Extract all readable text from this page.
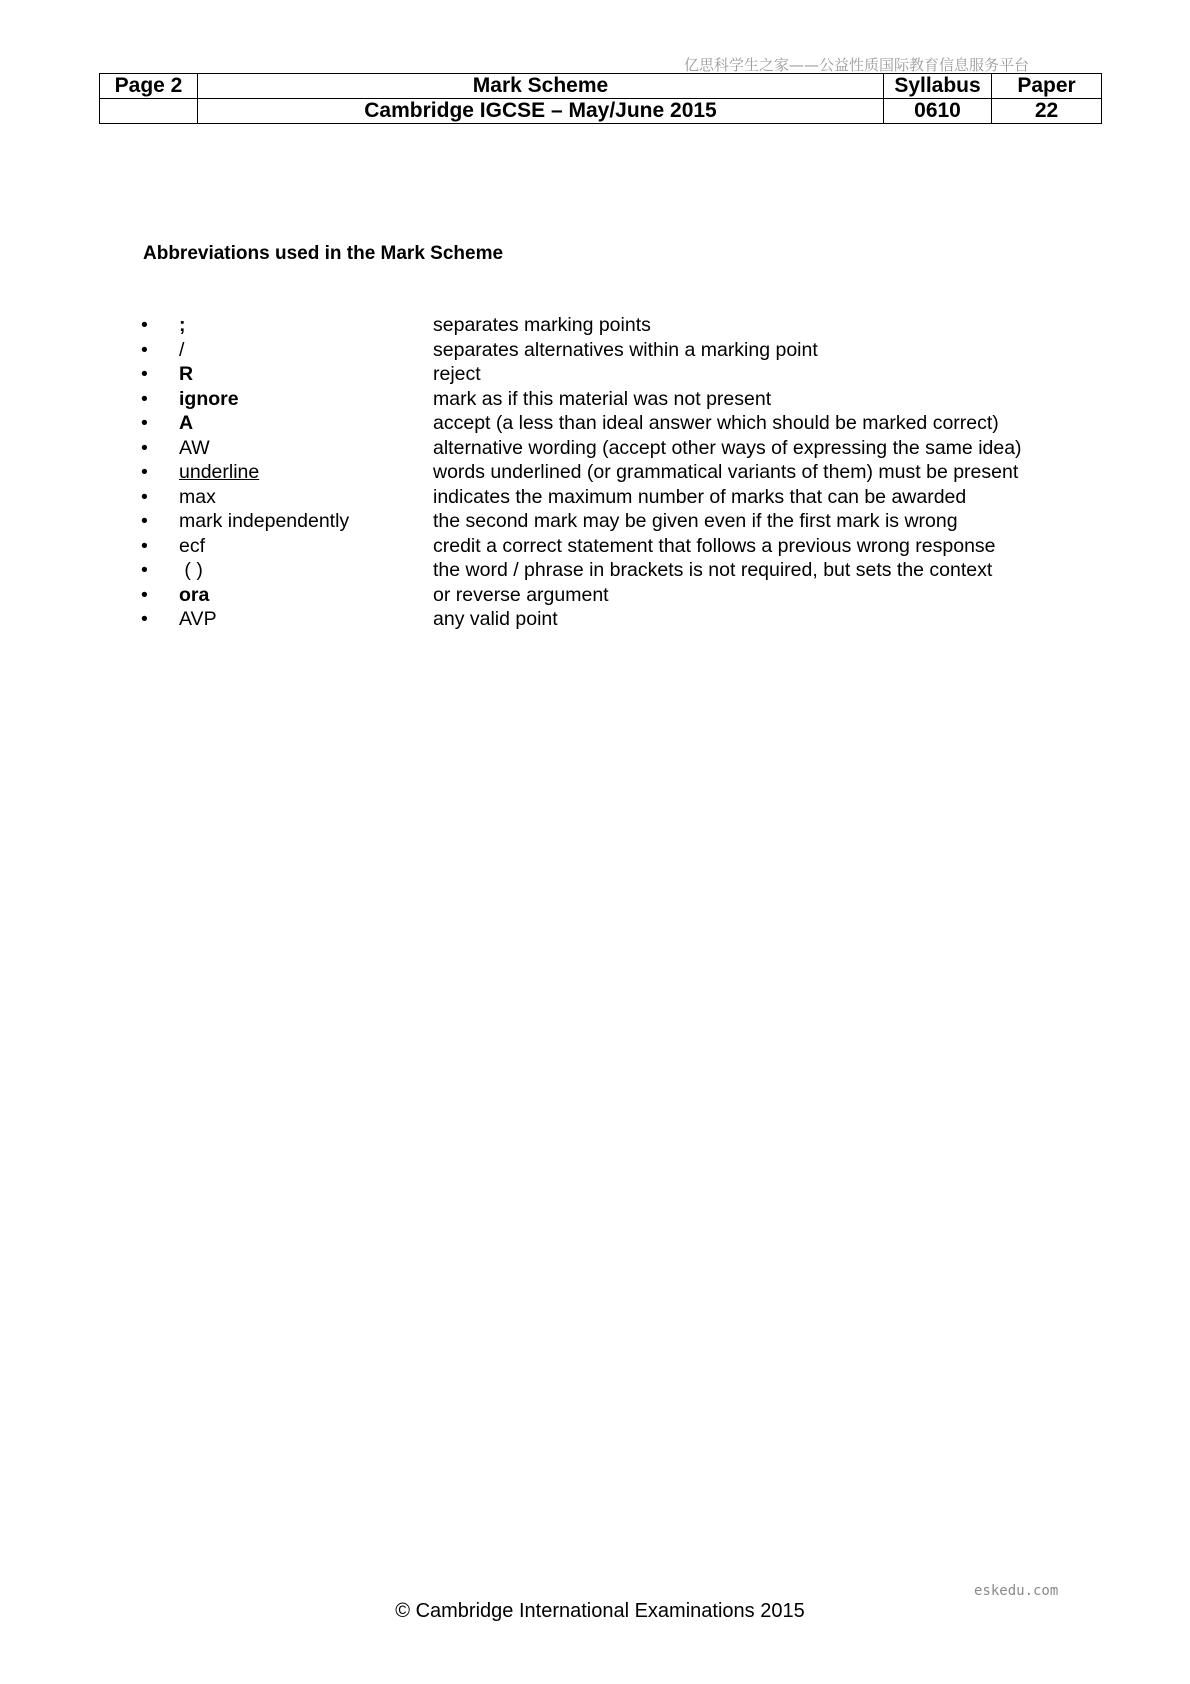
亿思科学生之家——公益性质国际教育信息服务平台
Page 2	Mark Scheme	Syllabus	Paper
	Cambridge IGCSE – May/June 2015	0610	22
Abbreviations used in the Mark Scheme
•	;	separates marking points
•	/	separates alternatives within a marking point
•	R	reject
•	ignore	mark as if this material was not present
•	A	accept (a less than ideal answer which should be marked correct)
•	AW	alternative wording (accept other ways of expressing the same idea)
•	underline	words underlined (or grammatical variants of them) must be present
•	max	indicates the maximum number of marks that can be awarded
•	mark independently	the second mark may be given even if the first mark is wrong
•	ecf	credit a correct statement that follows a previous wrong response
•	( )	the word / phrase in brackets is not required, but sets the context
•	ora	or reverse argument
•	AVP	any valid point
eskedu.com
© Cambridge International Examinations 2015
